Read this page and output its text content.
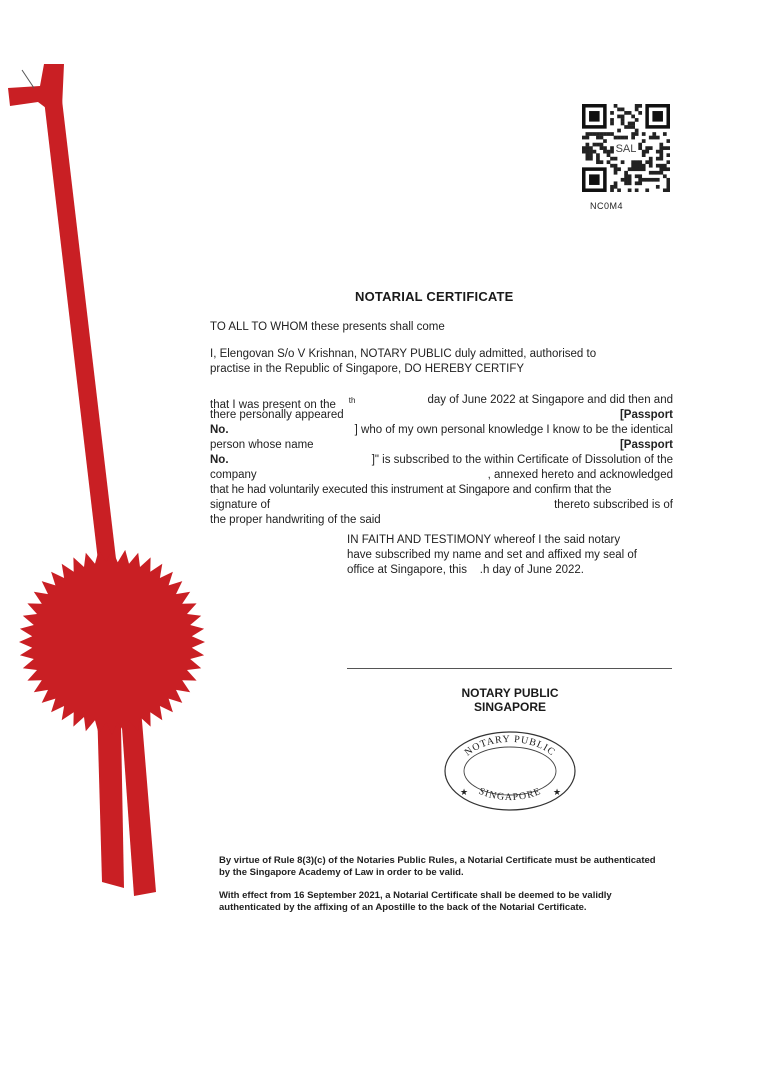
SAL
NC0M4
NOTARIAL CERTIFICATE
TO ALL TO WHOM these presents shall come
I, Elengovan S/o V Krishnan, NOTARY PUBLIC duly admitted, authorised to
practise in the Republic of Singapore, DO HEREBY CERTIFY
that I was present on the $^{th}$	day of June 2022 at Singapore and did then and
there personally appeared	[Passport
No.	] who of my own personal knowledge I know to be the identical
person whose name	[Passport
No.	]" is subscribed to the within Certificate of Dissolution of the
company	, annexed hereto and acknowledged
that he had voluntarily executed this instrument at Singapore and confirm that the
signature of	thereto subscribed is of
the proper handwriting of the said
IN FAITH AND TESTIMONY whereof I the said notary
have subscribed my name and set and affixed my seal of
office at Singapore, this    .h day of June 2022.
NOTARY PUBLIC
SINGAPORE
NOTARY PUBLIC
SINGAPORE
★	★
By virtue of Rule 8(3)(c) of the Notaries Public Rules, a Notarial Certificate must be authenticated by the Singapore Academy of Law in order to be valid.
With effect from 16 September 2021, a Notarial Certificate shall be deemed to be validly authenticated by the affixing of an Apostille to the back of the Notarial Certificate.
